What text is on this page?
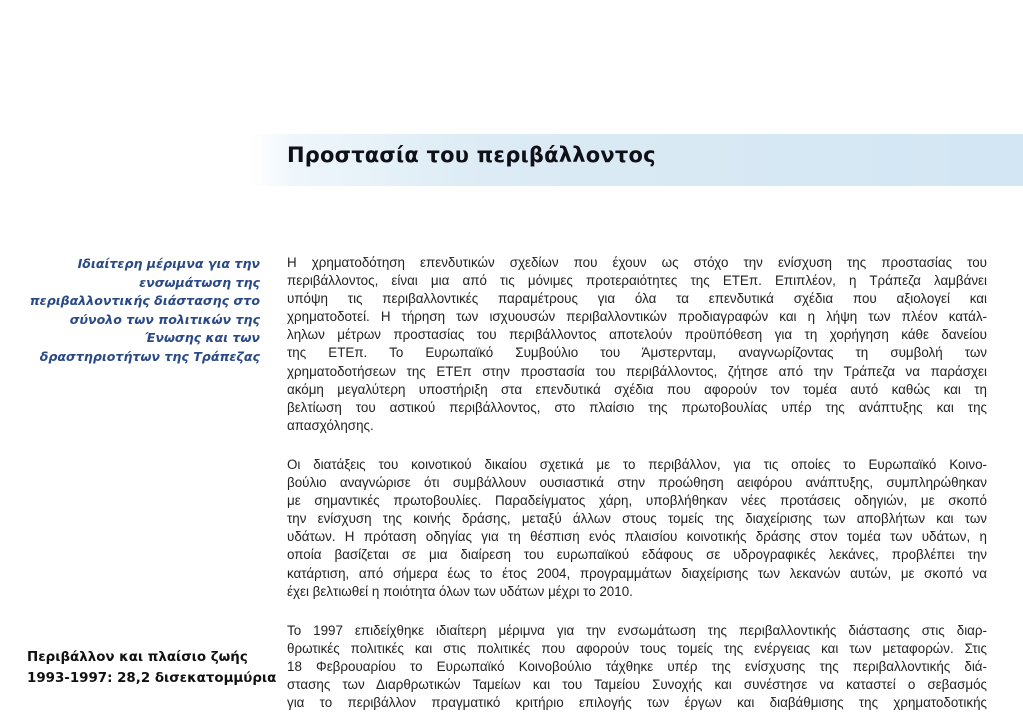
Προστασία του περιβάλλοντος
Ιδιαίτερη μέριμνα για την
ενσωμάτωση της
περιβαλλοντικής διάστασης στο
σύνολο των πολιτικών της
Ένωσης και των
δραστηριοτήτων της Τράπεζας
Περιβάλλον και πλαίσιο ζωής
1993-1997: 28,2 δισεκατομμύρια

Η χρηματοδότηση επενδυτικών σχεδίων που έχουν ως στόχο την ενίσχυση της προστασίας του
περιβάλλοντος, είναι μια από τις μόνιμες προτεραιότητες της ΕΤΕπ. Επιπλέον, η Τράπεζα λαμβάνει
υπόψη τις περιβαλλοντικές παραμέτρους για όλα τα επενδυτικά σχέδια που αξιολογεί και
χρηματοδοτεί. Η τήρηση των ισχυουσών περιβαλλοντικών προδιαγραφών και η λήψη των πλέον κατάλ-
ληλων μέτρων προστασίας του περιβάλλοντος αποτελούν προϋπόθεση για τη χορήγηση κάθε δανείου
της ΕΤΕπ. Το Ευρωπαϊκό Συμβούλιο του Άμστερνταμ, αναγνωρίζοντας τη συμβολή των
χρηματοδοτήσεων της ΕΤΕπ στην προστασία του περιβάλλοντος, ζήτησε από την Τράπεζα να παράσχει
ακόμη μεγαλύτερη υποστήριξη στα επενδυτικά σχέδια που αφορούν τον τομέα αυτό καθώς και τη
βελτίωση του αστικού περιβάλλοντος, στο πλαίσιο της πρωτοβουλίας υπέρ της ανάπτυξης και της
απασχόλησης.

Οι διατάξεις του κοινοτικού δικαίου σχετικά με το περιβάλλον, για τις οποίες το Ευρωπαϊκό Κοινο-
βούλιο αναγνώρισε ότι συμβάλλουν ουσιαστικά στην προώθηση αειφόρου ανάπτυξης, συμπληρώθηκαν
με σημαντικές πρωτοβουλίες. Παραδείγματος χάρη, υποβλήθηκαν νέες προτάσεις οδηγιών, με σκοπό
την ενίσχυση της κοινής δράσης, μεταξύ άλλων στους τομείς της διαχείρισης των αποβλήτων και των
υδάτων. Η πρόταση οδηγίας για τη θέσπιση ενός πλαισίου κοινοτικής δράσης στον τομέα των υδάτων, η
οποία βασίζεται σε μια διαίρεση του ευρωπαϊκού εδάφους σε υδρογραφικές λεκάνες, προβλέπει την
κατάρτιση, από σήμερα έως το έτος 2004, προγραμμάτων διαχείρισης των λεκανών αυτών, με σκοπό να
έχει βελτιωθεί η ποιότητα όλων των υδάτων μέχρι το 2010.

Το 1997 επιδείχθηκε ιδιαίτερη μέριμνα για την ενσωμάτωση της περιβαλλοντικής διάστασης στις διαρ-
θρωτικές πολιτικές και στις πολιτικές που αφορούν τους τομείς της ενέργειας και των μεταφορών. Στις
18 Φεβρουαρίου το Ευρωπαϊκό Κοινοβούλιο τάχθηκε υπέρ της ενίσχυσης της περιβαλλοντικής διά-
στασης των Διαρθρωτικών Ταμείων και του Ταμείου Συνοχής και συνέστησε να καταστεί ο σεβασμός
για το περιβάλλον πραγματικό κριτήριο επιλογής των έργων και διαβάθμισης της χρηματοδοτικής
